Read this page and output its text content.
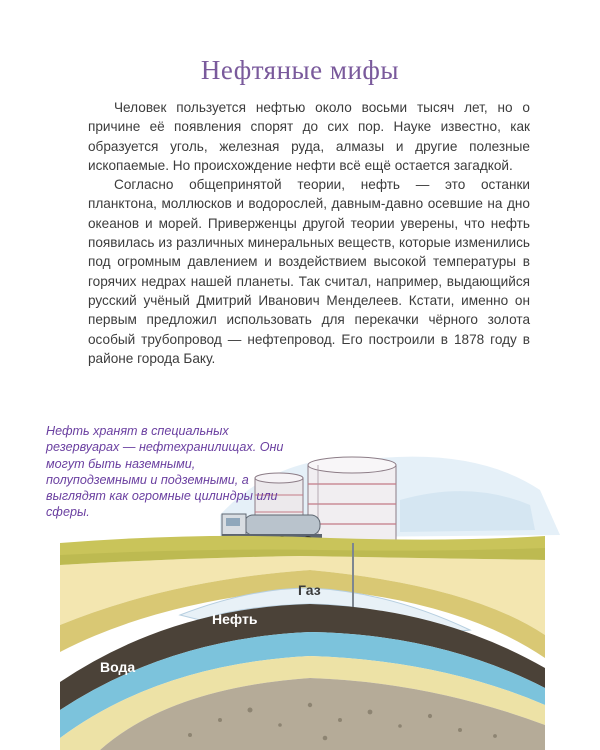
Нефтяные мифы

Человек пользуется нефтью около восьми тысяч лет, но о причине её появления спорят до сих пор. Науке известно, как образуется уголь, железная руда, алмазы и другие полезные ископаемые. Но происхождение нефти всё ещё остается загадкой.

Согласно общепринятой теории, нефть — это останки планктона, моллюсков и водорослей, давным-давно осевшие на дно океанов и морей. Приверженцы другой теории уверены, что нефть появилась из различных минеральных веществ, которые изменились под огромным давлением и воздействием высокой температуры в горячих недрах нашей планеты. Так считал, например, выдающийся русский учёный Дмитрий Иванович Менделеев. Кстати, именно он первым предложил использовать для перекачки чёрного золота особый трубопровод — нефтепровод. Его построили в 1878 году в районе города Баку.

Газ
Нефть
Вода
Нефть хранят в специальных резервуарах — нефтехранилищах. Они могут быть наземными, полуподземными и подземными, а выглядят как огромные цилиндры или сферы.
